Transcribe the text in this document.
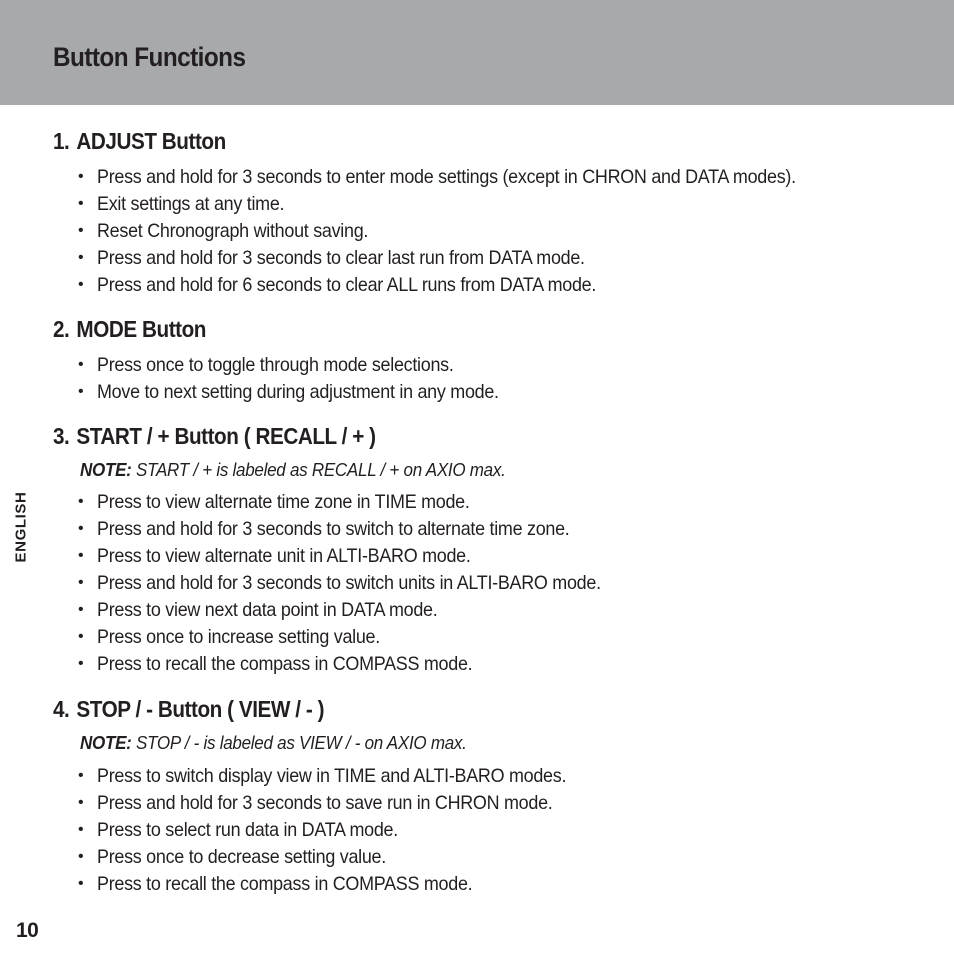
Button Functions
ENGLISH
1. ADJUST Button
• Press and hold for 3 seconds to enter mode settings (except in CHRON and DATA modes).
• Exit settings at any time.
• Reset Chronograph without saving.
• Press and hold for 3 seconds to clear last run from DATA mode.
• Press and hold for 6 seconds to clear ALL runs from DATA mode.
2. MODE Button
• Press once to toggle through mode selections.
• Move to next setting during adjustment in any mode.
3. START / + Button ( RECALL / + )
NOTE: START / + is labeled as RECALL / + on AXIO max.
• Press to view alternate time zone in TIME mode.
• Press and hold for 3 seconds to switch to alternate time zone.
• Press to view alternate unit in ALTI-BARO mode.
• Press and hold for 3 seconds to switch units in ALTI-BARO mode.
• Press to view next data point in DATA mode.
• Press once to increase setting value.
• Press to recall the compass in COMPASS mode.
4. STOP / - Button ( VIEW / - )
NOTE: STOP / - is labeled as VIEW / - on AXIO max.
• Press to switch display view in TIME and ALTI-BARO modes.
• Press and hold for 3 seconds to save run in CHRON mode.
• Press to select run data in DATA mode.
• Press once to decrease setting value.
• Press to recall the compass in COMPASS mode.
10
